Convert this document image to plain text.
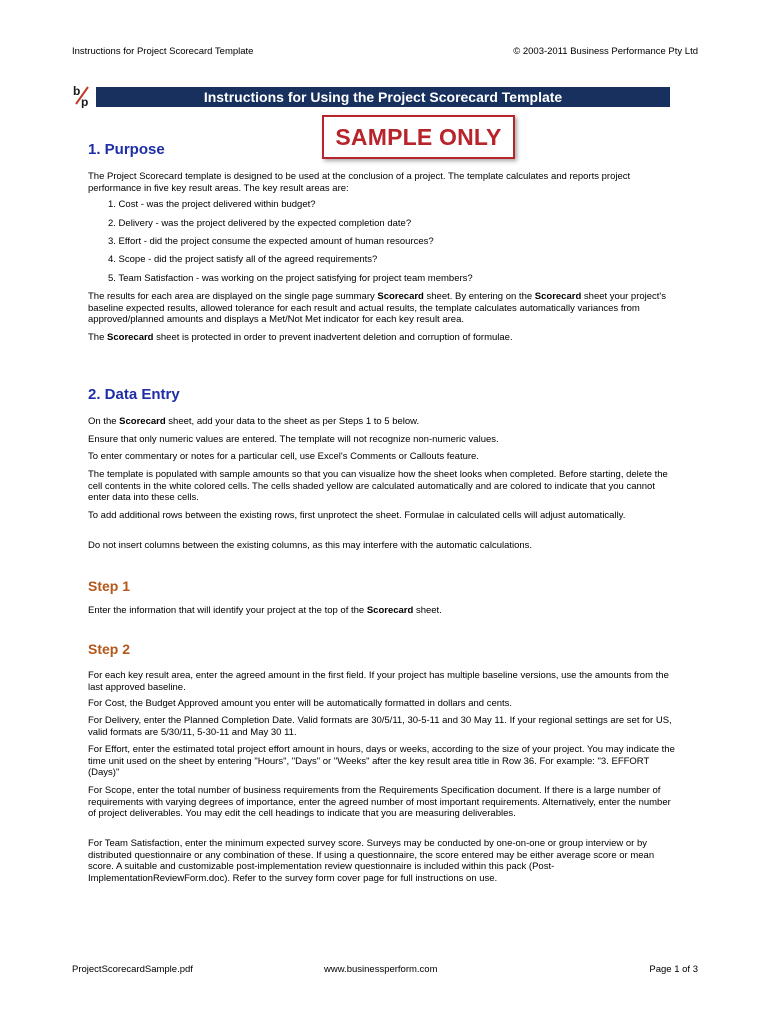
Instructions for Project Scorecard Template	© 2003-2011 Business Performance Pty Ltd
b
p	Instructions for Using the Project Scorecard Template
SAMPLE ONLY
1. Purpose
The Project Scorecard template is designed to be used at the conclusion of a project. The template calculates and reports project performance in five key result areas. The key result areas are:
1. Cost - was the project delivered within budget?
2. Delivery - was the project delivered by the expected completion date?
3. Effort - did the project consume the expected amount of human resources?
4. Scope - did the project satisfy all of the agreed requirements?
5. Team Satisfaction - was working on the project satisfying for project team members?
The results for each area are displayed on the single page summary Scorecard sheet. By entering on the Scorecard sheet your project's baseline expected results, allowed tolerance for each result and actual results, the template calculates automatically variances from approved/planned amounts and displays a Met/Not Met indicator for each key result area.
The Scorecard sheet is protected in order to prevent inadvertent deletion and corruption of formulae.
2. Data Entry
On the Scorecard sheet, add your data to the sheet as per Steps 1 to 5 below.
Ensure that only numeric values are entered. The template will not recognize non-numeric values.
To enter commentary or notes for a particular cell, use Excel's Comments or Callouts feature.
The template is populated with sample amounts so that you can visualize how the sheet looks when completed. Before starting, delete the cell contents in the white colored cells. The cells shaded yellow are calculated automatically and are colored to indicate that you cannot enter data into these cells.
To add additional rows between the existing rows, first unprotect the sheet. Formulae in calculated cells will adjust automatically.
Do not insert columns between the existing columns, as this may interfere with the automatic calculations.
Step 1
Enter the information that will identify your project at the top of the Scorecard sheet.
Step 2
For each key result area, enter the agreed amount in the first field. If your project has multiple baseline versions, use the amounts from the last approved baseline.
For Cost, the Budget Approved amount you enter will be automatically formatted in dollars and cents.
For Delivery, enter the Planned Completion Date. Valid formats are 30/5/11, 30-5-11 and 30 May 11. If your regional settings are set for US, valid formats are 5/30/11, 5-30-11 and May 30 11.
For Effort, enter the estimated total project effort amount in hours, days or weeks, according to the size of your project. You may indicate the time unit used on the sheet by entering "Hours", "Days" or "Weeks" after the key result area title in Row 36. For example: "3. EFFORT (Days)"
For Scope, enter the total number of business requirements from the Requirements Specification document. If there is a large number of requirements with varying degrees of importance, enter the agreed number of most important requirements. Alternatively, enter the number of project deliverables. You may edit the cell headings to indicate that you are measuring deliverables.
For Team Satisfaction, enter the minimum expected survey score. Surveys may be conducted by one-on-one or group interview or by distributed questionnaire or any combination of these. If using a questionnaire, the score entered may be either average score or mean score. A suitable and customizable post-implementation review questionnaire is included within this pack (Post-ImplementationReviewForm.doc). Refer to the survey form cover page for full instructions on use.
ProjectScorecardSample.pdf	www.businessperform.com	Page 1 of 3
